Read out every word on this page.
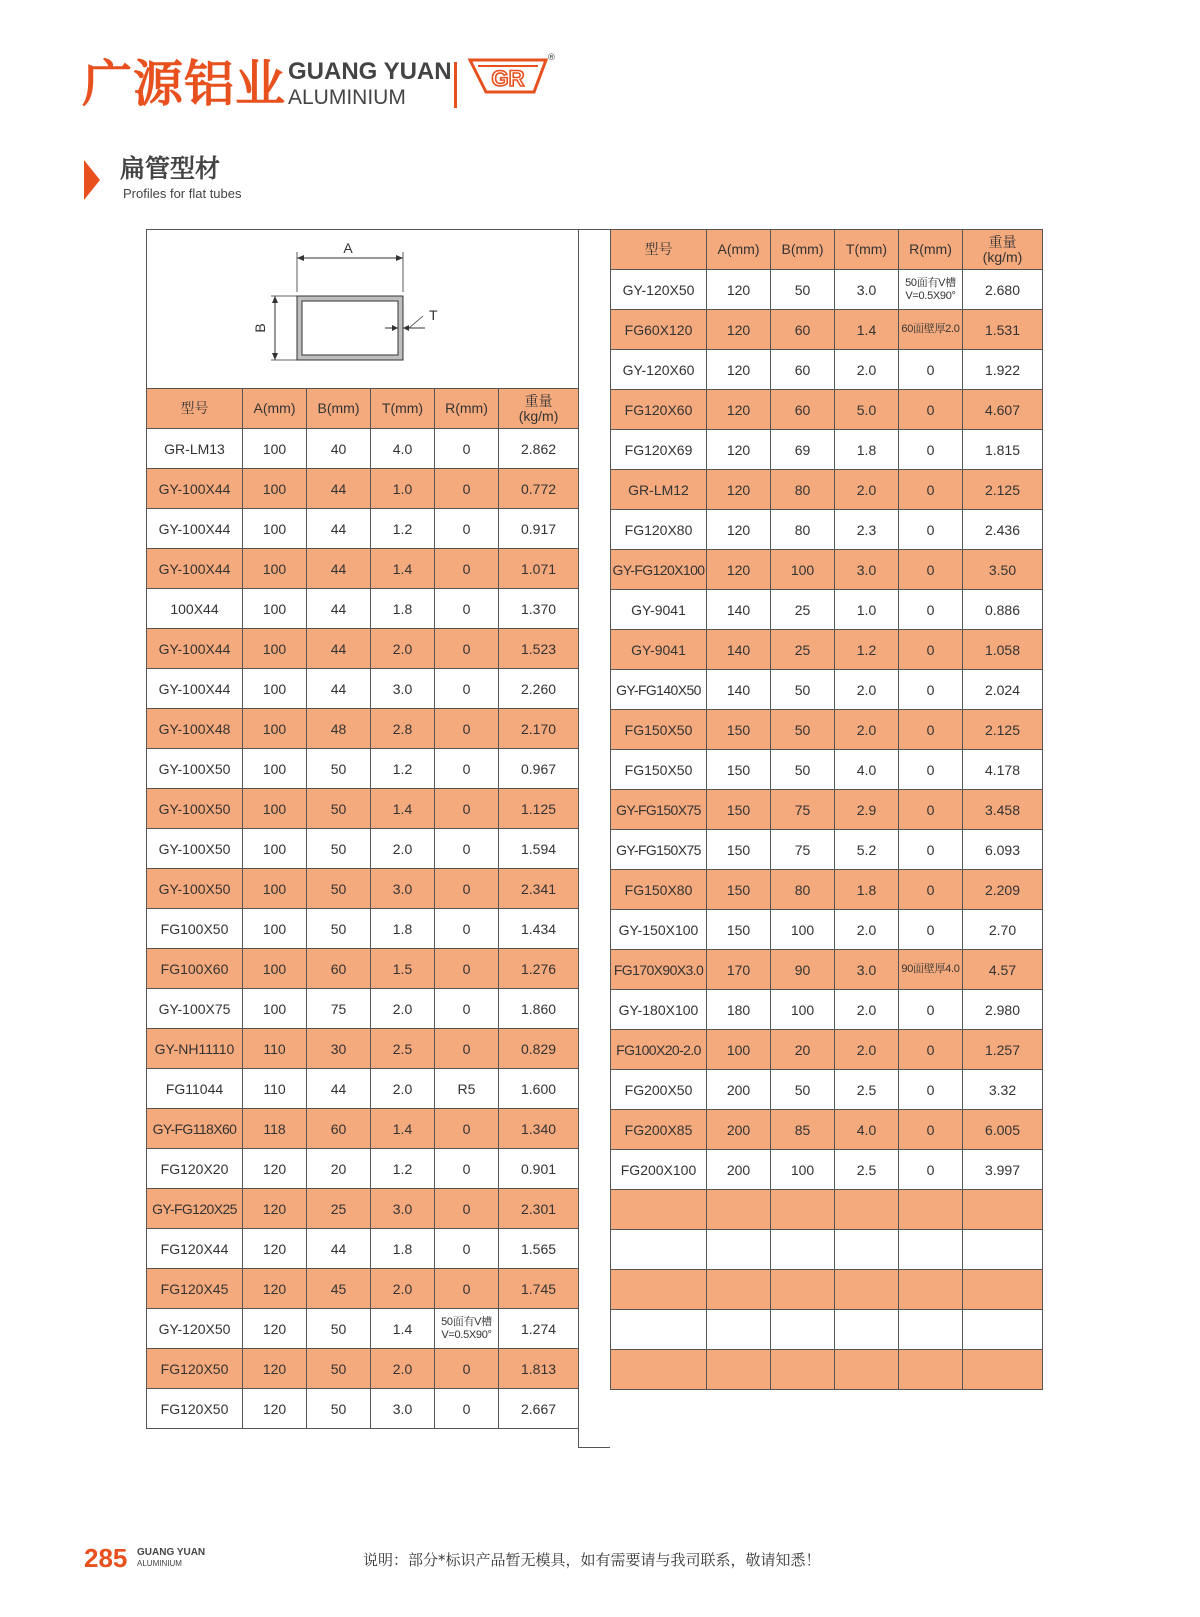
广源铝业 GUANG YUAN
ALUMINIUM
GR
®
扁管型材
Profiles for flat tubes
A
B
T					

型号	A(mm)	B(mm)	T(mm)	R(mm)	重量
(kg/m)
GR-LM13	100	40	4.0	0	2.862
GY-100X44	100	44	1.0	0	0.772
GY-100X44	100	44	1.2	0	0.917
GY-100X44	100	44	1.4	0	1.071
100X44	100	44	1.8	0	1.370
GY-100X44	100	44	2.0	0	1.523
GY-100X44	100	44	3.0	0	2.260
GY-100X48	100	48	2.8	0	2.170
GY-100X50	100	50	1.2	0	0.967
GY-100X50	100	50	1.4	0	1.125
GY-100X50	100	50	2.0	0	1.594
GY-100X50	100	50	3.0	0	2.341
FG100X50	100	50	1.8	0	1.434
FG100X60	100	60	1.5	0	1.276
GY-100X75	100	75	2.0	0	1.860
GY-NH11110	110	30	2.5	0	0.829
FG11044	110	44	2.0	R5	1.600
GY-FG118X60	118	60	1.4	0	1.340
FG120X20	120	20	1.2	0	0.901
GY-FG120X25	120	25	3.0	0	2.301
FG120X44	120	44	1.8	0	1.565
FG120X45	120	45	2.0	0	1.745
GY-120X50	120	50	1.4	50面有V槽 V=0.5X90°	1.274
FG120X50	120	50	2.0	0	1.813
FG120X50	120	50	3.0	0	2.667
型号	A(mm)	B(mm)	T(mm)	R(mm)	重量
(kg/m)
GY-120X50	120	50	3.0	50面有V槽 V=0.5X90°	2.680
FG60X120	120	60	1.4	60面壁厚2.0	1.531
GY-120X60	120	60	2.0	0	1.922
FG120X60	120	60	5.0	0	4.607
FG120X69	120	69	1.8	0	1.815
GR-LM12	120	80	2.0	0	2.125
FG120X80	120	80	2.3	0	2.436
GY-FG120X100	120	100	3.0	0	3.50
GY-9041	140	25	1.0	0	0.886
GY-9041	140	25	1.2	0	1.058
GY-FG140X50	140	50	2.0	0	2.024
FG150X50	150	50	2.0	0	2.125
FG150X50	150	50	4.0	0	4.178
GY-FG150X75	150	75	2.9	0	3.458
GY-FG150X75	150	75	5.2	0	6.093
FG150X80	150	80	1.8	0	2.209
GY-150X100	150	100	2.0	0	2.70
FG170X90X3.0	170	90	3.0	90面壁厚4.0	4.57
GY-180X100	180	100	2.0	0	2.980
FG100X20-2.0	100	20	2.0	0	1.257
FG200X50	200	50	2.5	0	3.32
FG200X85	200	85	4.0	0	6.005
FG200X100	200	100	2.5	0	3.997

285 GUANG YUAN
ALUMINIUM	说明：部分*标识产品暂无模具，如有需要请与我司联系，敬请知悉！
